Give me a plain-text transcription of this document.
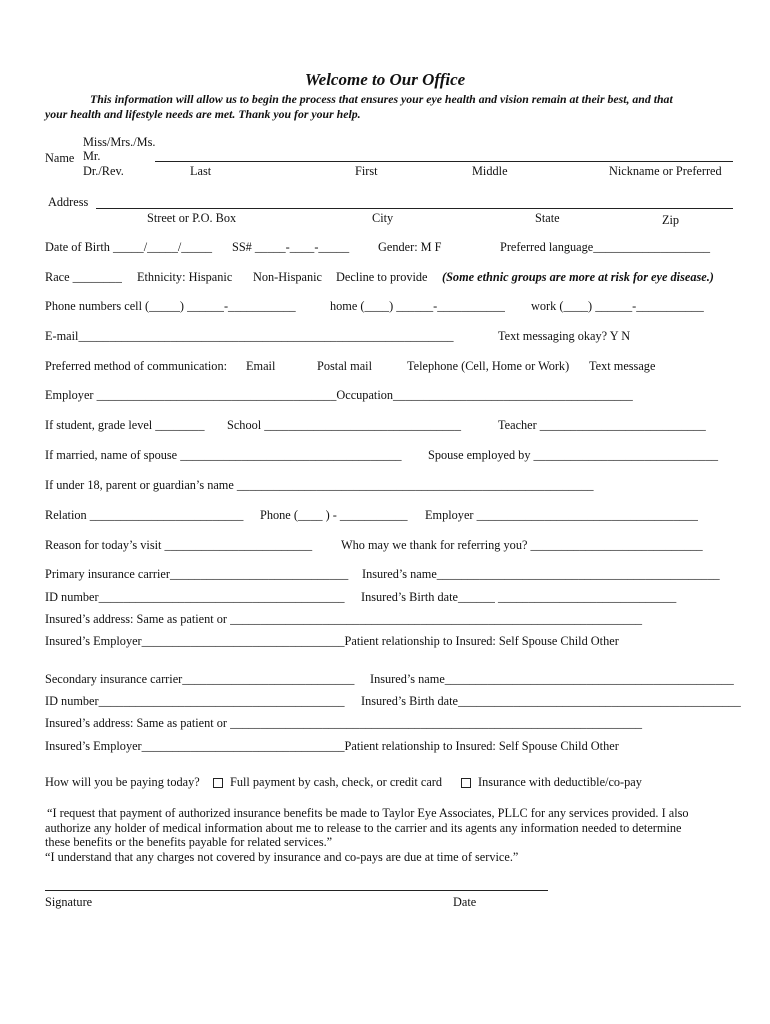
Welcome to Our Office
This information will allow us to begin the process that ensures your eye health and vision remain at their best, and that
your health and lifestyle needs are met. Thank you for your help.
Miss/Mrs./Ms.
Name Mr.
Dr./Rev.	Last	First	Middle	Nickname or Preferred
Address
Street or P.O. Box	City	State	Zip
Date of Birth _____/_____/_____ SS# _____-____-_____ Gender: M F	Preferred language___________________
Race ________ Ethnicity: Hispanic Non-Hispanic Decline to provide (Some ethnic groups are more at risk for eye disease.)
Phone numbers cell (_____) ______-___________	home (____) ______-___________ work (____) ______-___________
E-mail_____________________________________________________________	Text messaging okay? Y N
Preferred method of communication: Email	Postal mail	Telephone (Cell, Home or Work) Text message
Employer _______________________________________Occupation_______________________________________
If student, grade level ________ School ________________________________	Teacher ___________________________
If married, name of spouse ____________________________________ Spouse employed by ______________________________
If under 18, parent or guardian’s name __________________________________________________________
Relation _________________________ Phone (____ ) - ___________ Employer ____________________________________
Reason for today’s visit ________________________ Who may we thank for referring you? ____________________________
Primary insurance carrier_____________________________ Insured’s name______________________________________________
ID number________________________________________ Insured’s Birth date______ _____________________________
Insured’s address: Same as patient or ___________________________________________________________________
Insured’s Employer_________________________________Patient relationship to Insured: Self Spouse Child Other
Secondary insurance carrier____________________________ Insured’s name_______________________________________________
ID number________________________________________ Insured’s Birth date______________________________________________
Insured’s address: Same as patient or ___________________________________________________________________
Insured’s Employer_________________________________Patient relationship to Insured: Self Spouse Child Other
How will you be paying today? Full payment by cash, check, or credit card	Insurance with deductible/co-pay
“I request that payment of authorized insurance benefits be made to Taylor Eye Associates, PLLC for any services provided. I also
authorize any holder of medical information about me to release to the carrier and its agents any information needed to determine
these benefits or the benefits payable for related services.”
“I understand that any charges not covered by insurance and co-pays are due at time of service.”
Signature	Date
